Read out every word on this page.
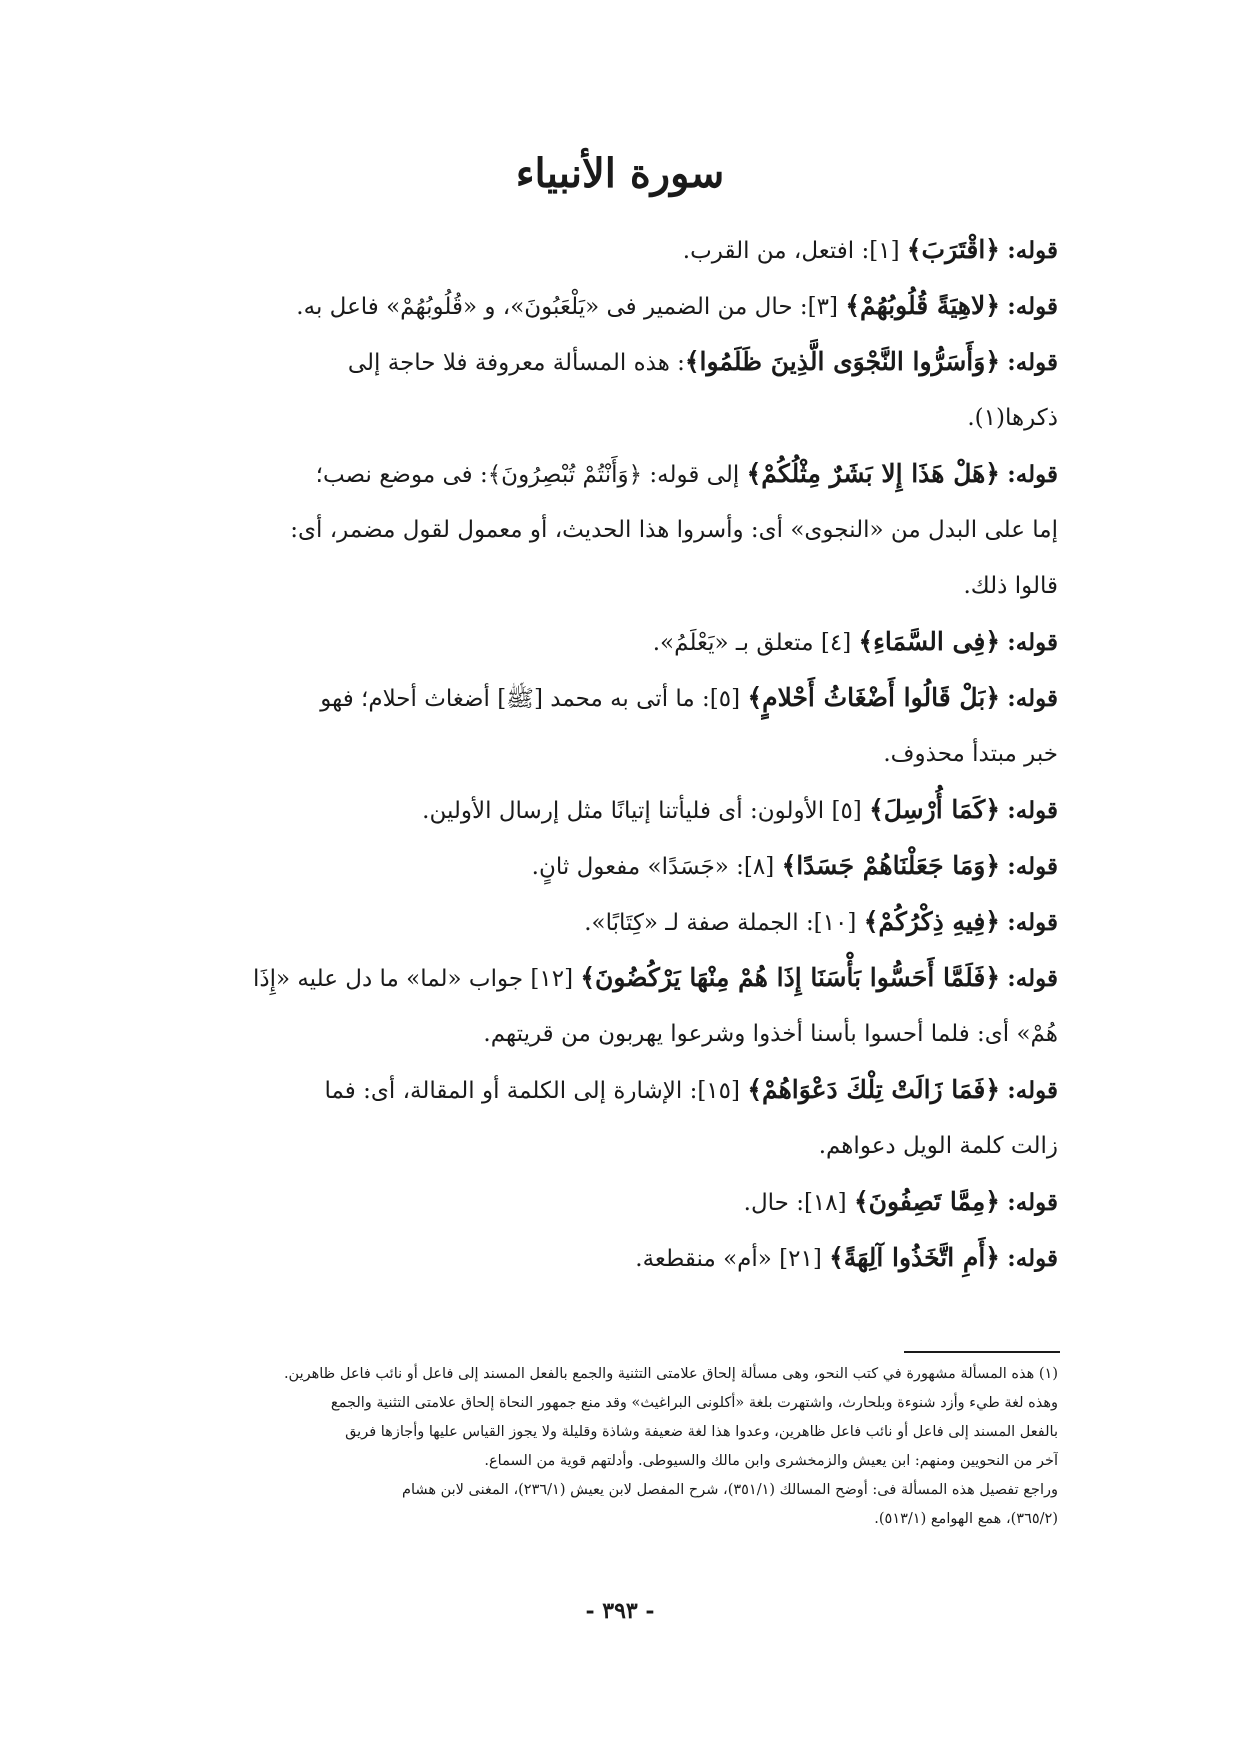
سورة الأنبياء
قوله: ﴿اقْتَرَبَ﴾ [١]: افتعل، من القرب.
قوله: ﴿لاهِيَةً قُلُوبُهُمْ﴾ [٣]: حال من الضمير فى «يَلْعَبُونَ»، و «قُلُوبُهُمْ» فاعل به.
قوله: ﴿وَأَسَرُّوا النَّجْوَى الَّذِينَ ظَلَمُوا﴾: هذه المسألة معروفة فلا حاجة إلى
ذكرها(١).
قوله: ﴿هَلْ هَذَا إِلا بَشَرٌ مِثْلُكُمْ﴾ إلى قوله: ﴿وَأَنْتُمْ تُبْصِرُونَ﴾: فى موضع نصب؛
إما على البدل من «النجوى» أى: وأسروا هذا الحديث، أو معمول لقول مضمر، أى:
قالوا ذلك.
قوله: ﴿فِى السَّمَاءِ﴾ [٤] متعلق بـ «يَعْلَمُ».
قوله: ﴿بَلْ قَالُوا أَضْغَاثُ أَحْلامٍ﴾ [٥]: ما أتى به محمد [ﷺ] أضغاث أحلام؛ فهو
خبر مبتدأ محذوف.
قوله: ﴿كَمَا أُرْسِلَ﴾ [٥] الأولون: أى فليأتنا إتيانًا مثل إرسال الأولين.
قوله: ﴿وَمَا جَعَلْنَاهُمْ جَسَدًا﴾ [٨]: «جَسَدًا» مفعول ثانٍ.
قوله: ﴿فِيهِ ذِكْرُكُمْ﴾ [١٠]: الجملة صفة لـ «كِتَابًا».
قوله: ﴿فَلَمَّا أَحَسُّوا بَأْسَنَا إِذَا هُمْ مِنْهَا يَرْكُضُونَ﴾ [١٢] جواب «لما» ما دل عليه «إِذَا
هُمْ» أى: فلما أحسوا بأسنا أخذوا وشرعوا يهربون من قريتهم.
قوله: ﴿فَمَا زَالَتْ تِلْكَ دَعْوَاهُمْ﴾ [١٥]: الإشارة إلى الكلمة أو المقالة، أى: فما
زالت كلمة الويل دعواهم.
قوله: ﴿مِمَّا تَصِفُونَ﴾ [١٨]: حال.
قوله: ﴿أَمِ اتَّخَذُوا آلِهَةً﴾ [٢١] «أم» منقطعة.
(١) هذه المسألة مشهورة في كتب النحو، وهى مسألة إلحاق علامتى التثنية والجمع بالفعل المسند إلى فاعل أو نائب فاعل ظاهرين.
وهذه لغة طيء وأزد شنوءة وبلحارث، واشتهرت بلغة «أكلونى البراغيث» وقد منع جمهور النحاة إلحاق علامتى التثنية والجمع
بالفعل المسند إلى فاعل أو نائب فاعل ظاهرين، وعدوا هذا لغة ضعيفة وشاذة وقليلة ولا يجوز القياس عليها وأجازها فريق
آخر من النحويين ومنهم: ابن يعيش والزمخشرى وابن مالك والسيوطى. وأدلتهم قوية من السماع.
وراجع تفصيل هذه المسألة فى: أوضح المسالك (٣٥١/١)، شرح المفصل لابن يعيش (٢٣٦/١)، المغنى لابن هشام
(٣٦٥/٢)، همع الهوامع (٥١٣/١).
- ٣٩٣ -
